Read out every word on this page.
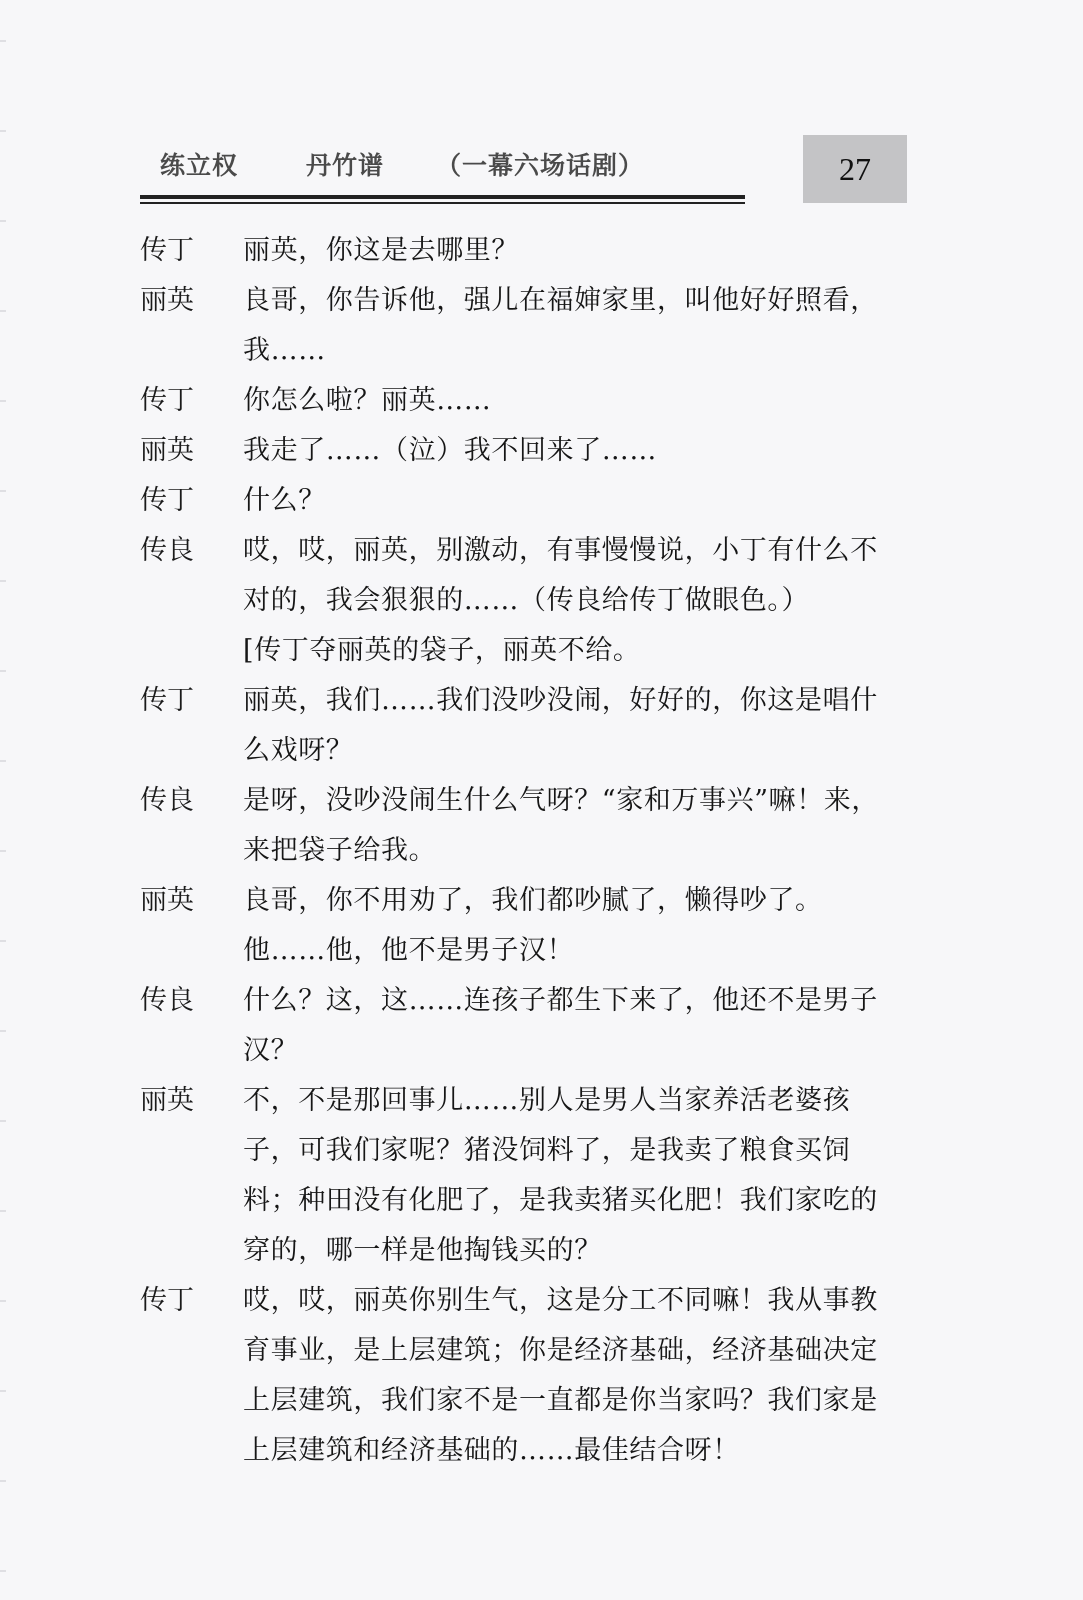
练立权	丹竹谱 （一幕六场话剧）	27
传丁	丽英，你这是去哪里？
丽英	良哥，你告诉他，强儿在福婶家里，叫他好好照看，我……
传丁	你怎么啦？丽英……
丽英	我走了……（泣）我不回来了……
传丁	什么？
传良	哎，哎，丽英，别激动，有事慢慢说，小丁有什么不对的，我会狠狠的……（传良给传丁做眼色。）
[传丁夺丽英的袋子，丽英不给。
传丁	丽英，我们……我们没吵没闹，好好的，你这是唱什么戏呀？
传良	是呀，没吵没闹生什么气呀？“家和万事兴”嘛！来，来把袋子给我。
丽英	良哥，你不用劝了，我们都吵腻了，懒得吵了。他……他，他不是男子汉！
传良	什么？这，这……连孩子都生下来了，他还不是男子汉？
丽英	不，不是那回事儿……别人是男人当家养活老婆孩子，可我们家呢？猪没饲料了，是我卖了粮食买饲料；种田没有化肥了，是我卖猪买化肥！我们家吃的穿的，哪一样是他掏钱买的？
传丁	哎，哎，丽英你别生气，这是分工不同嘛！我从事教育事业，是上层建筑；你是经济基础，经济基础决定上层建筑，我们家不是一直都是你当家吗？我们家是上层建筑和经济基础的……最佳结合呀！
